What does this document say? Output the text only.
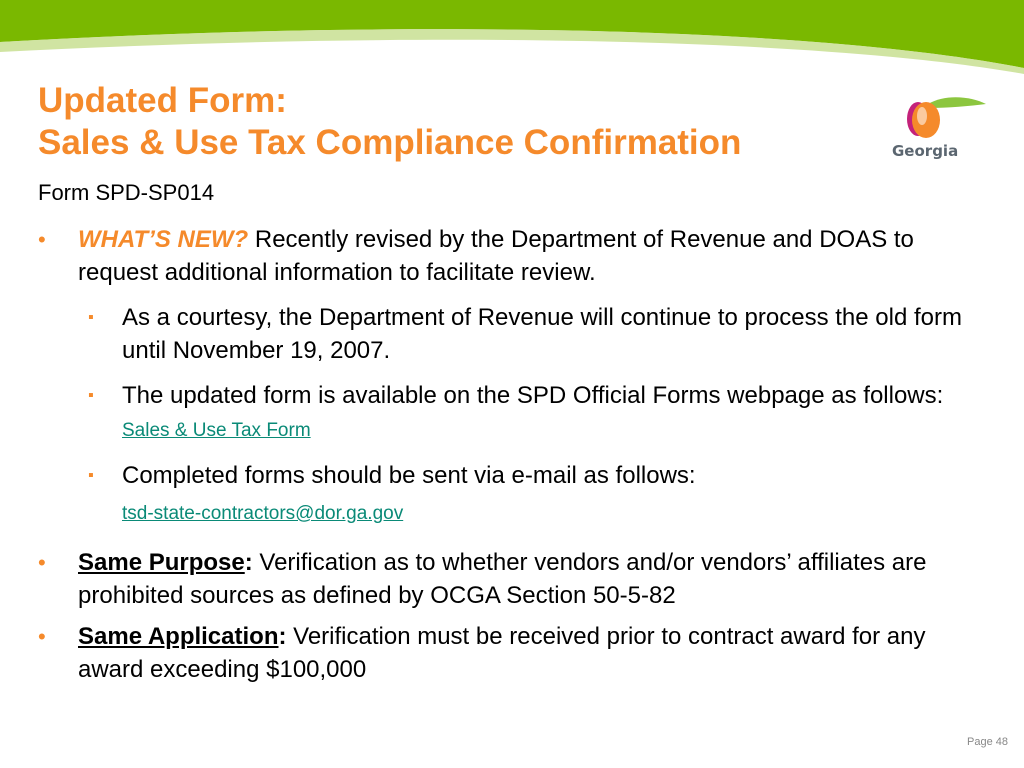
Updated Form:
Sales & Use Tax Compliance Confirmation	Georgia
Form SPD-SP014
• WHAT’S NEW? Recently revised by the Department of Revenue and DOAS to request additional information to facilitate review.
▪ As a courtesy, the Department of Revenue will continue to process the old form until November 19, 2007.
▪ The updated form is available on the SPD Official Forms webpage as follows: Sales & Use Tax Form
▪ Completed forms should be sent via e-mail as follows:
tsd-state-contractors@dor.ga.gov
• Same Purpose: Verification as to whether vendors and/or vendors’ affiliates are prohibited sources as defined by OCGA Section 50-5-82
• Same Application: Verification must be received prior to contract award for any award exceeding $100,000
Page 48
